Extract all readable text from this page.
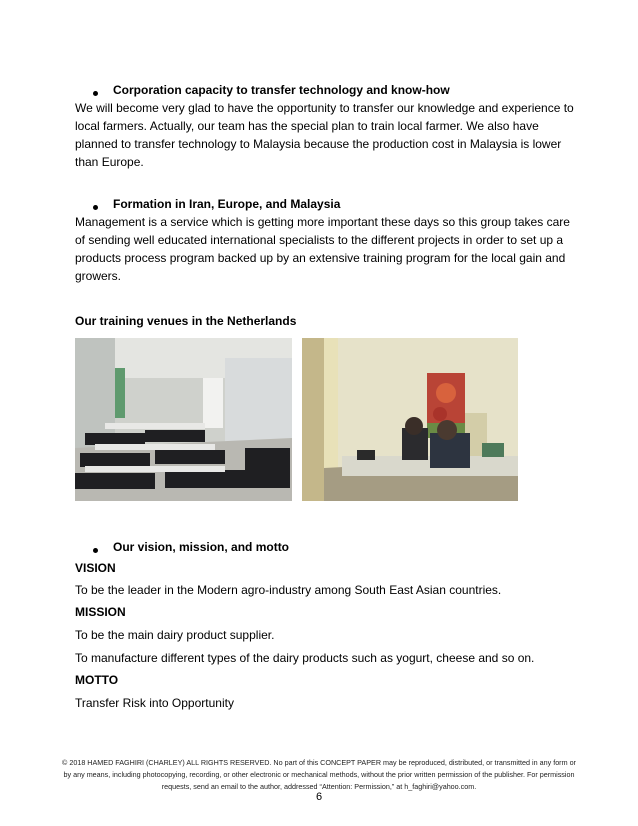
Corporation capacity to transfer technology and know-how
We will become very glad to have the opportunity to transfer our knowledge and experience to local farmers. Actually, our team has the special plan to train local farmer. We also have planned to transfer technology to Malaysia because the production cost in Malaysia is lower than Europe.
Formation in Iran, Europe, and Malaysia
Management is a service which is getting more important these days so this group takes care of sending well educated international specialists to the different projects in order to set up a products process program backed up by an extensive training program for the local gain and growers.
Our training venues in the Netherlands
Our vision, mission, and motto
VISION
To be the leader in the Modern agro-industry among South East Asian countries.
MISSION
To be the main dairy product supplier.
To manufacture different types of the dairy products such as yogurt, cheese and so on.
MOTTO
Transfer Risk into Opportunity
© 2018 HAMED FAGHIRI (CHARLEY) ALL RIGHTS RESERVED. No part of this CONCEPT PAPER may be reproduced, distributed, or transmitted in any form or by any means, including photocopying, recording, or other electronic or mechanical methods, without the prior written permission of the publisher. For permission requests, send an email to the author, addressed “Attention: Permission,” at h_faghiri@yahoo.com.
6
